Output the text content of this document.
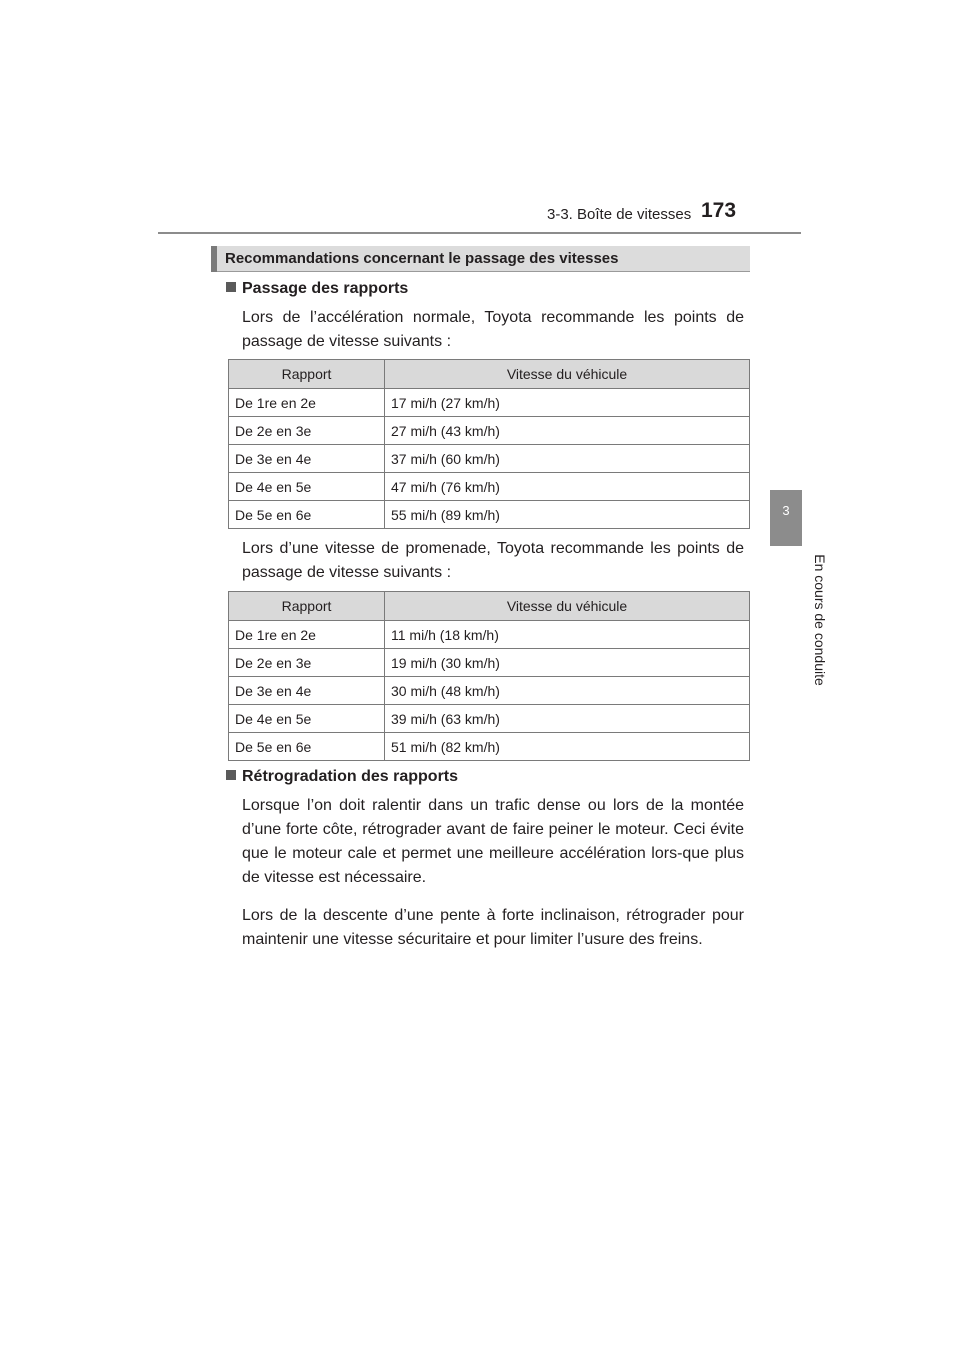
3-3. Boîte de vitesses 173
3
En cours de conduite
Recommandations concernant le passage des vitesses
Passage des rapports

Lors de l’accélération normale, Toyota recommande les points de passage de vitesse suivants :

Rapport	Vitesse du véhicule
De 1re en 2e	17 mi/h (27 km/h)
De 2e en 3e	27 mi/h (43 km/h)
De 3e en 4e	37 mi/h (60 km/h)
De 4e en 5e	47 mi/h (76 km/h)
De 5e en 6e	55 mi/h (89 km/h)

Lors d’une vitesse de promenade, Toyota recommande les points de passage de vitesse suivants :

Rapport	Vitesse du véhicule
De 1re en 2e	11 mi/h (18 km/h)
De 2e en 3e	19 mi/h (30 km/h)
De 3e en 4e	30 mi/h (48 km/h)
De 4e en 5e	39 mi/h (63 km/h)
De 5e en 6e	51 mi/h (82 km/h)
Rétrogradation des rapports

Lorsque l’on doit ralentir dans un trafic dense ou lors de la montée d’une forte côte, rétrograder avant de faire peiner le moteur. Ceci évite que le moteur cale et permet une meilleure accélération lors-que plus de vitesse est nécessaire.

Lors de la descente d’une pente à forte inclinaison, rétrograder pour maintenir une vitesse sécuritaire et pour limiter l’usure des freins.
